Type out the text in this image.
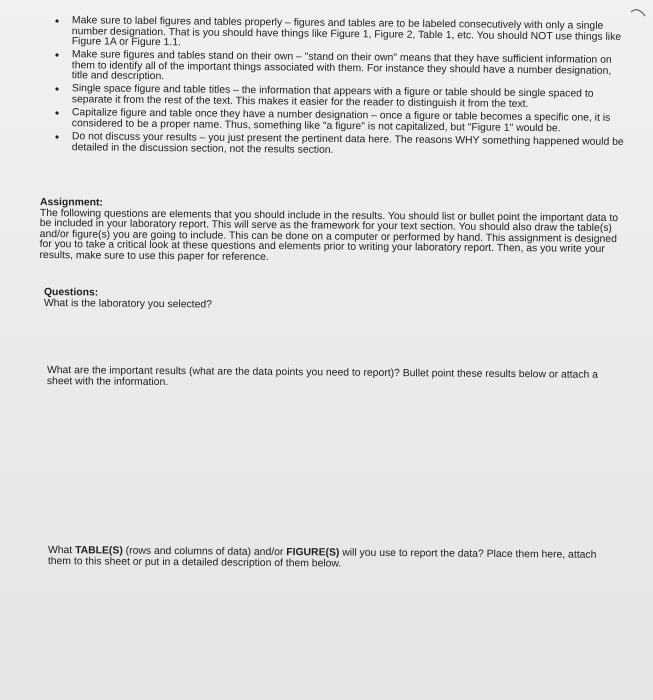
• Make sure to label figures and tables properly – figures and tables are to be labeled consecutively with only a single number designation. That is you should have things like Figure 1, Figure 2, Table 1, etc. You should NOT use things like Figure 1A or Figure 1.1.
• Make sure figures and tables stand on their own – "stand on their own" means that they have sufficient information on them to identify all of the important things associated with them. For instance they should have a number designation, title and description.
• Single space figure and table titles – the information that appears with a figure or table should be single spaced to separate it from the rest of the text. This makes it easier for the reader to distinguish it from the text.
• Capitalize figure and table once they have a number designation – once a figure or table becomes a specific one, it is considered to be a proper name. Thus, something like "a figure" is not capitalized, but "Figure 1" would be.
• Do not discuss your results – you just present the pertinent data here. The reasons WHY something happened would be detailed in the discussion section, not the results section.
Assignment:
The following questions are elements that you should include in the results. You should list or bullet point the important data to be included in your laboratory report. This will serve as the framework for your text section. You should also draw the table(s) and/or figure(s) you are going to include. This can be done on a computer or performed by hand. This assignment is designed for you to take a critical look at these questions and elements prior to writing your laboratory report. Then, as you write your results, make sure to use this paper for reference.
Questions:
What is the laboratory you selected?
What are the important results (what are the data points you need to report)? Bullet point these results below or attach a sheet with the information.
What TABLE(S) (rows and columns of data) and/or FIGURE(S) will you use to report the data? Place them here, attach them to this sheet or put in a detailed description of them below.
